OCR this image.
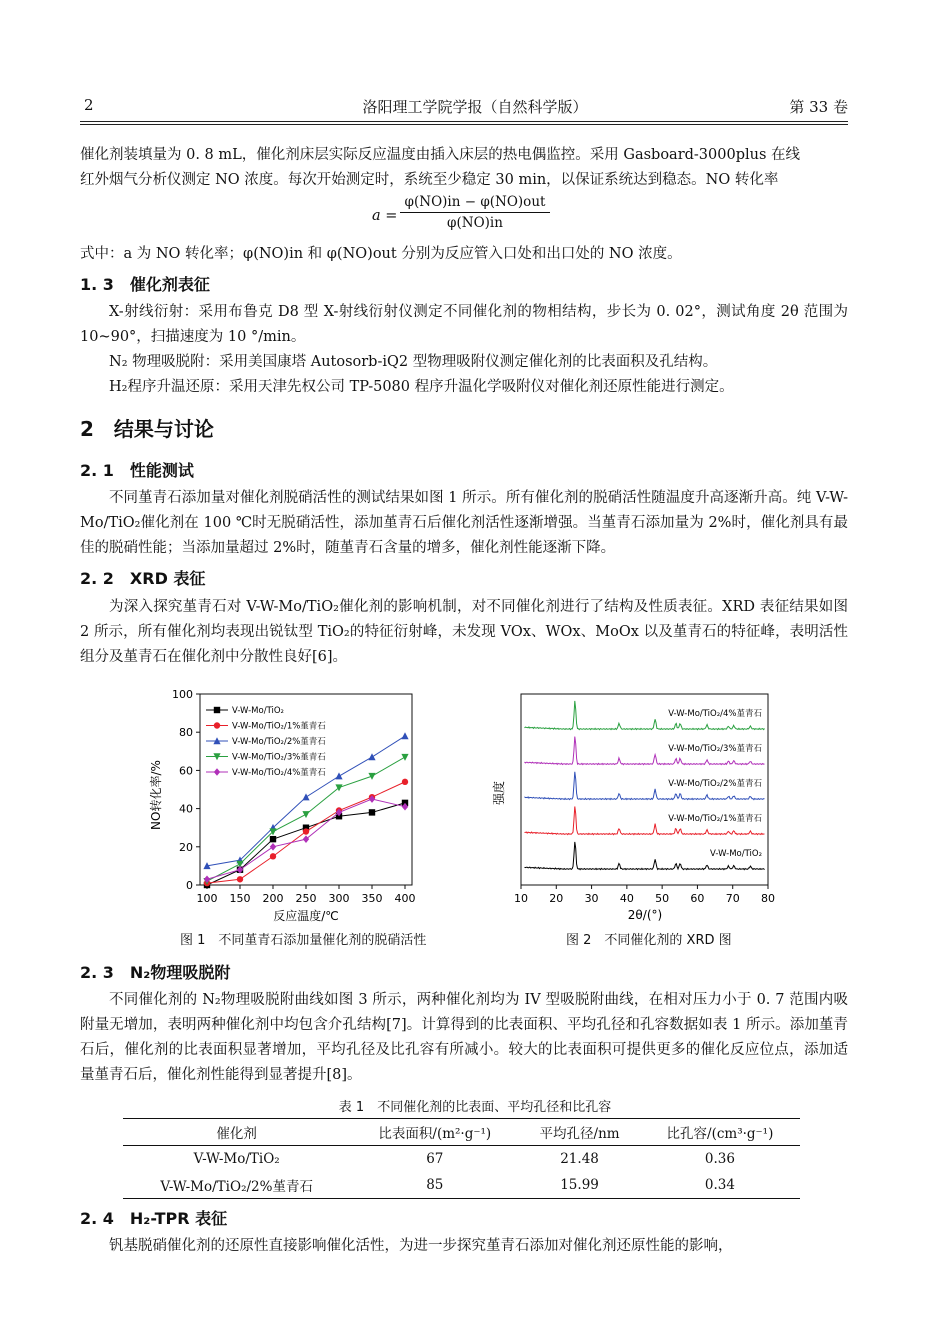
2	洛阳理工学院学报（自然科学版）	第 33 卷
催化剂装填量为 0. 8 mL，催化剂床层实际反应温度由插入床层的热电偶监控。采用 Gasboard-3000plus 在线
红外烟气分析仪测定 NO 浓度。每次开始测定时，系统至少稳定 30 min，以保证系统达到稳态。NO 转化率
a =
φ(NO)in − φ(NO)out
φ(NO)in
式中：a 为 NO 转化率；φ(NO)in 和 φ(NO)out 分别为反应管入口处和出口处的 NO 浓度。
1. 3　催化剂表征
X-射线衍射：采用布鲁克 D8 型 X-射线衍射仪测定不同催化剂的物相结构，步长为 0. 02°，测试角度 2θ 范围为 10~90°，扫描速度为 10 °/min。
N₂ 物理吸脱附：采用美国康塔 Autosorb-iQ2 型物理吸附仪测定催化剂的比表面积及孔结构。
H₂程序升温还原：采用天津先权公司 TP-5080 程序升温化学吸附仪对催化剂还原性能进行测定。
2　结果与讨论
2. 1　性能测试
不同堇青石添加量对催化剂脱硝活性的测试结果如图 1 所示。所有催化剂的脱硝活性随温度升高逐渐升高。纯 V-W-Mo/TiO₂催化剂在 100 ℃时无脱硝活性，添加堇青石后催化剂活性逐渐增强。当堇青石添加量为 2%时，催化剂具有最佳的脱硝性能；当添加量超过 2%时，随堇青石含量的增多，催化剂性能逐渐下降。
2. 2　XRD 表征
为深入探究堇青石对 V-W-Mo/TiO₂催化剂的影响机制，对不同催化剂进行了结构及性质表征。XRD 表征结果如图 2 所示，所有催化剂均表现出锐钛型 TiO₂的特征衍射峰，未发现 VOx、WOx、MoOx 以及堇青石的特征峰，表明活性组分及堇青石在催化剂中分散性良好[6]。
100 150 200 250 300 350 400
0
20
40
60
80
100
V-W-Mo/TiO₂
V-W-Mo/TiO₂/1%堇青石
V-W-Mo/TiO₂/2%堇青石
V-W-Mo/TiO₂/3%堇青石
V-W-Mo/TiO₂/4%堇青石
NO转化率/%
反应温度/℃
图 1　不同堇青石添加量催化剂的脱硝活性
10 20 30 40 50 60 70 80
V-W-Mo/TiO₂
V-W-Mo/TiO₂/1%堇青石
V-W-Mo/TiO₂/2%堇青石
V-W-Mo/TiO₂/3%堇青石
V-W-Mo/TiO₂/4%堇青石
强度
2θ/(°)
图 2　不同催化剂的 XRD 图
2. 3　N₂物理吸脱附
不同催化剂的 N₂物理吸脱附曲线如图 3 所示，两种催化剂均为 IV 型吸脱附曲线，在相对压力小于 0. 7 范围内吸附量无增加，表明两种催化剂中均包含介孔结构[7]。计算得到的比表面积、平均孔径和孔容数据如表 1 所示。添加堇青石后，催化剂的比表面积显著增加，平均孔径及比孔容有所减小。较大的比表面积可提供更多的催化反应位点，添加适量堇青石后，催化剂性能得到显著提升[8]。
表 1　不同催化剂的比表面、平均孔径和比孔容
催化剂	比表面积/(m²·g⁻¹)	平均孔径/nm	比孔容/(cm³·g⁻¹)
V-W-Mo/TiO₂	67	21.48	0.36
V-W-Mo/TiO₂/2%堇青石	85	15.99	0.34
2. 4　H₂-TPR 表征
钒基脱硝催化剂的还原性直接影响催化活性，为进一步探究堇青石添加对催化剂还原性能的影响，
